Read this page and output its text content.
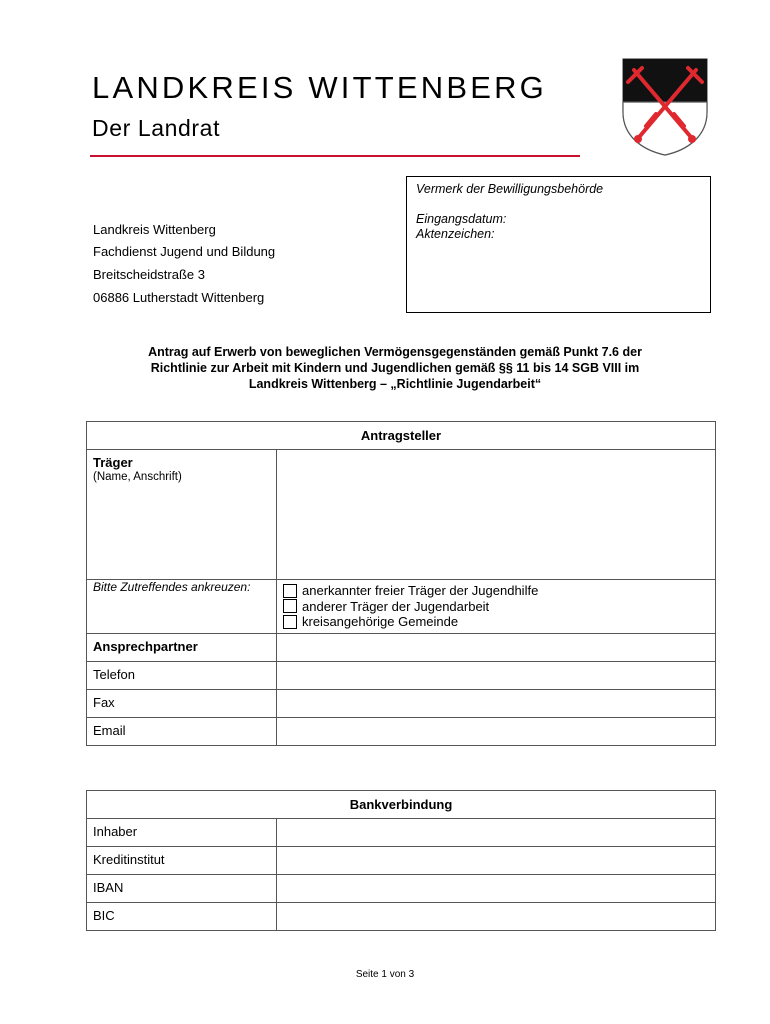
LANDKREIS WITTENBERG
Der Landrat
Vermerk der Bewilligungsbehörde
Eingangsdatum:
Aktenzeichen:
Landkreis Wittenberg
Fachdienst Jugend und Bildung
Breitscheidstraße 3
06886 Lutherstadt Wittenberg
Antrag auf Erwerb von beweglichen Vermögensgegenständen gemäß Punkt 7.6 der
Richtlinie zur Arbeit mit Kindern und Jugendlichen gemäß §§ 11 bis 14 SGB VIII im
Landkreis Wittenberg – „Richtlinie Jugendarbeit“
Antragsteller	

Träger
(Name, Anschrift)	

Bitte Zutreffendes ankreuzen:	anerkannter freier Träger der Jugendhilfe
anderer Träger der Jugendarbeit
kreisangehörige Gemeinde

Ansprechpartner	
Telefon	
Fax	
Email	
Bankverbindung	
Inhaber	
Kreditinstitut	
IBAN	
BIC	
Seite 1 von 3
